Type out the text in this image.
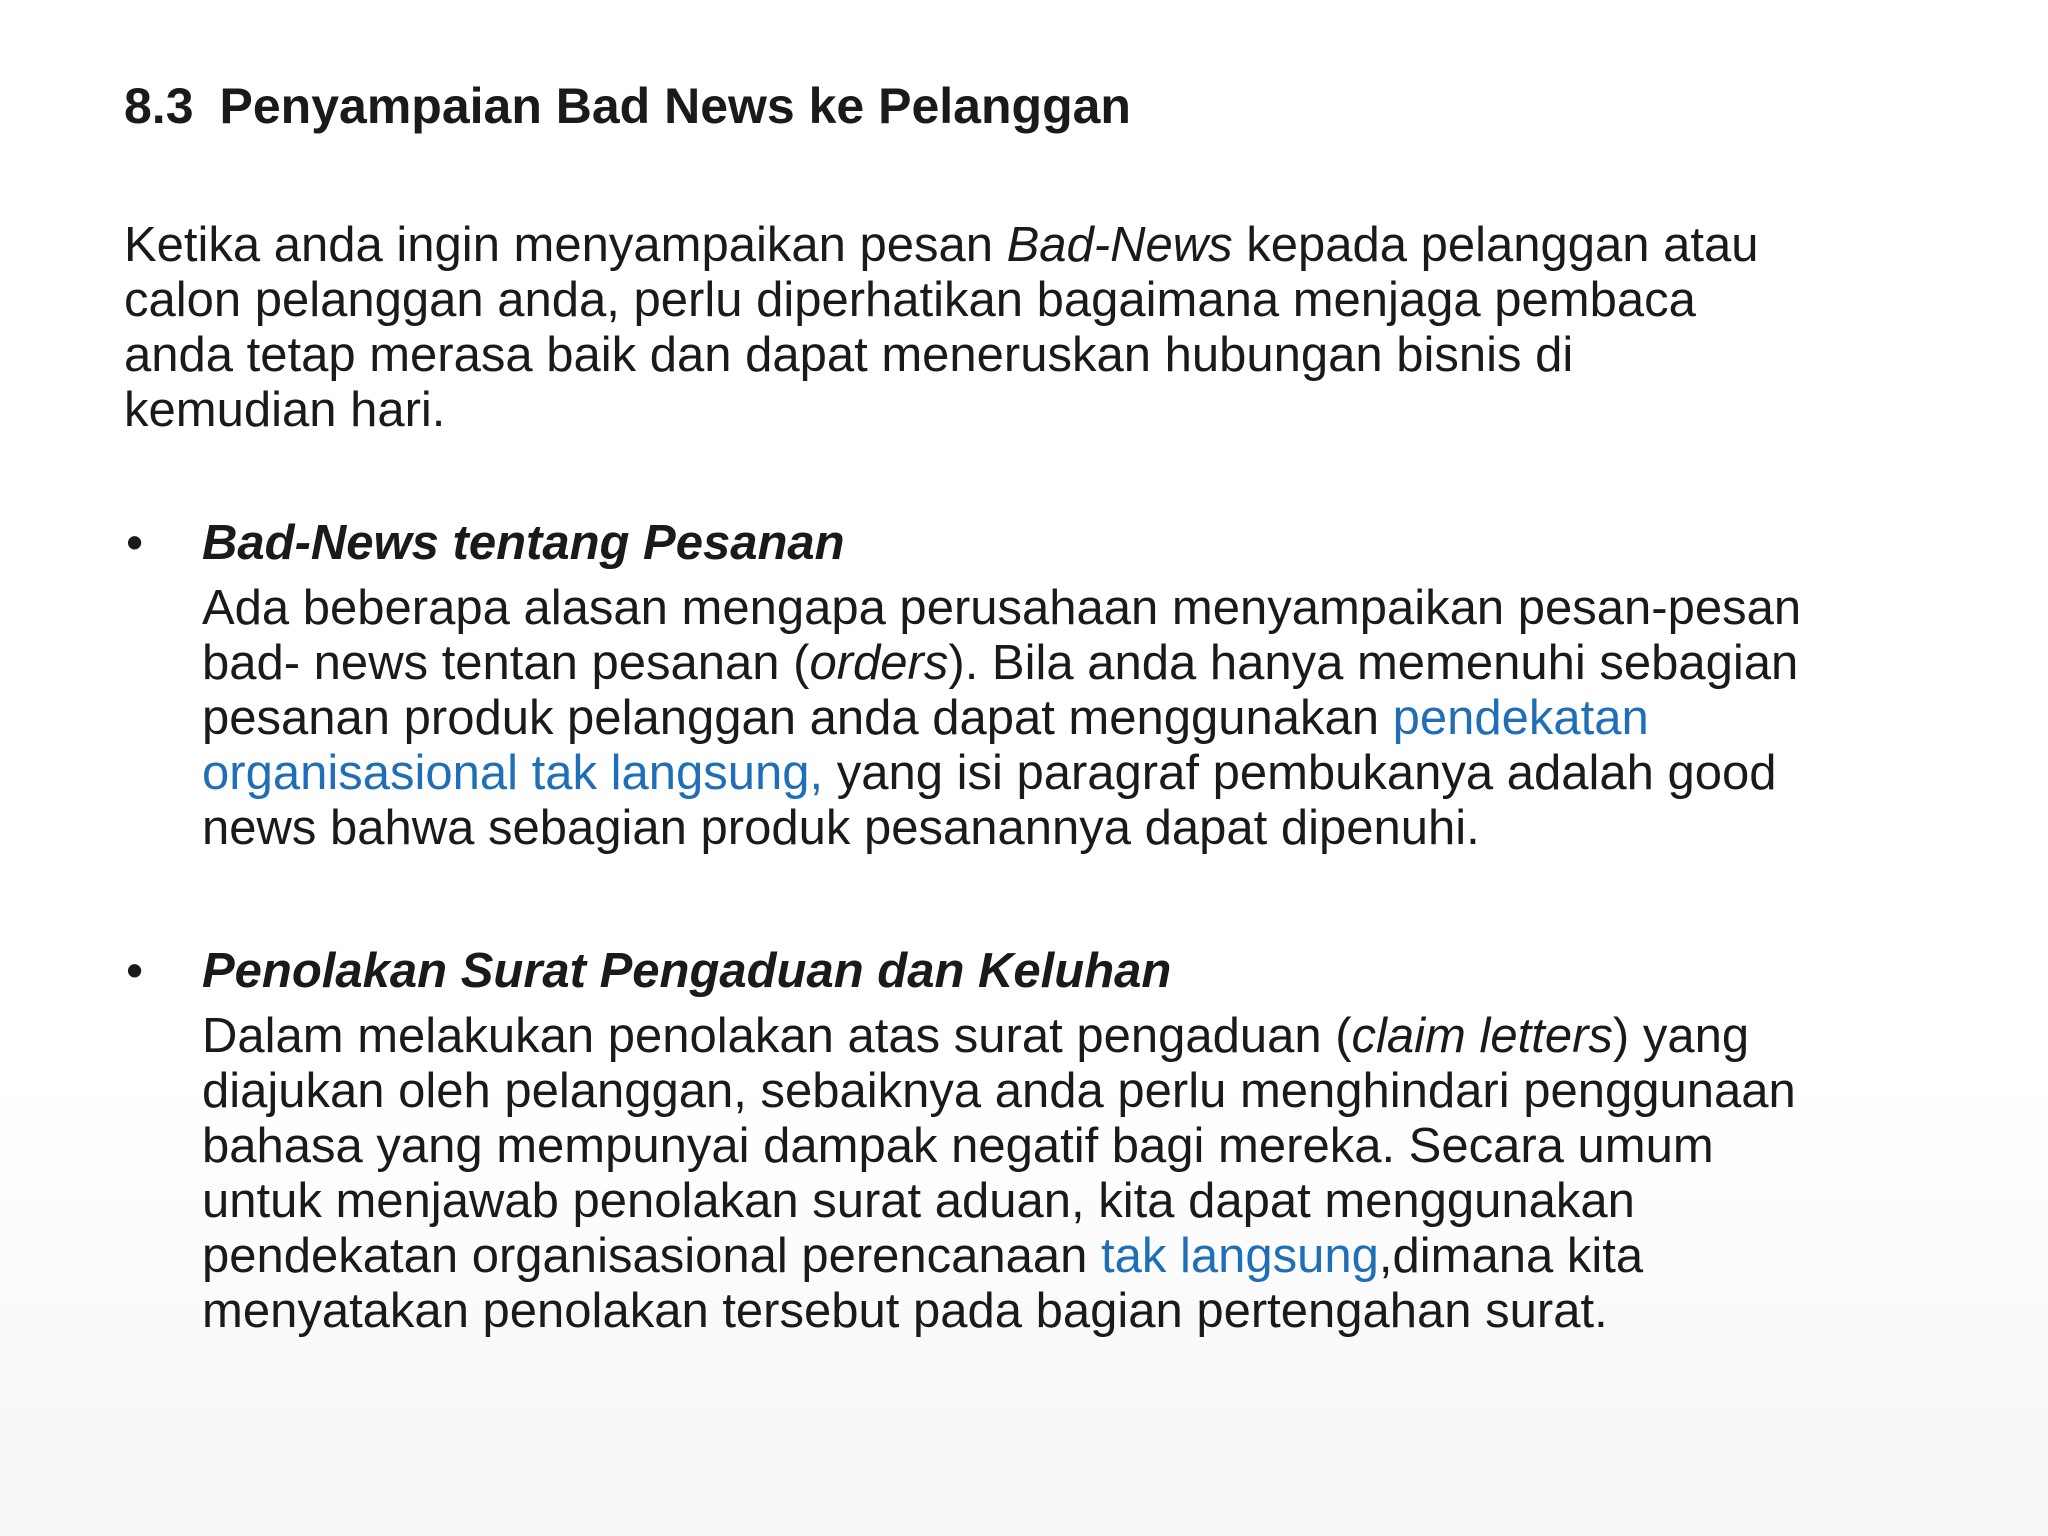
8.3 Penyampaian Bad News ke Pelanggan

Ketika anda ingin menyampaikan pesan Bad-News kepada pelanggan atau
calon pelanggan anda, perlu diperhatikan bagaimana menjaga pembaca
anda tetap merasa baik dan dapat meneruskan hubungan bisnis di
kemudian hari.

• Bad-News tentang Pesanan

Ada beberapa alasan mengapa perusahaan menyampaikan pesan-pesan
bad- news tentan pesanan (orders). Bila anda hanya memenuhi sebagian
pesanan produk pelanggan anda dapat menggunakan pendekatan
organisasional tak langsung, yang isi paragraf pembukanya adalah good
news bahwa sebagian produk pesanannya dapat dipenuhi.

• Penolakan Surat Pengaduan dan Keluhan

Dalam melakukan penolakan atas surat pengaduan (claim letters) yang
diajukan oleh pelanggan, sebaiknya anda perlu menghindari penggunaan
bahasa yang mempunyai dampak negatif bagi mereka. Secara umum
untuk menjawab penolakan surat aduan, kita dapat menggunakan
pendekatan organisasional perencanaan tak langsung,dimana kita
menyatakan penolakan tersebut pada bagian pertengahan surat.
